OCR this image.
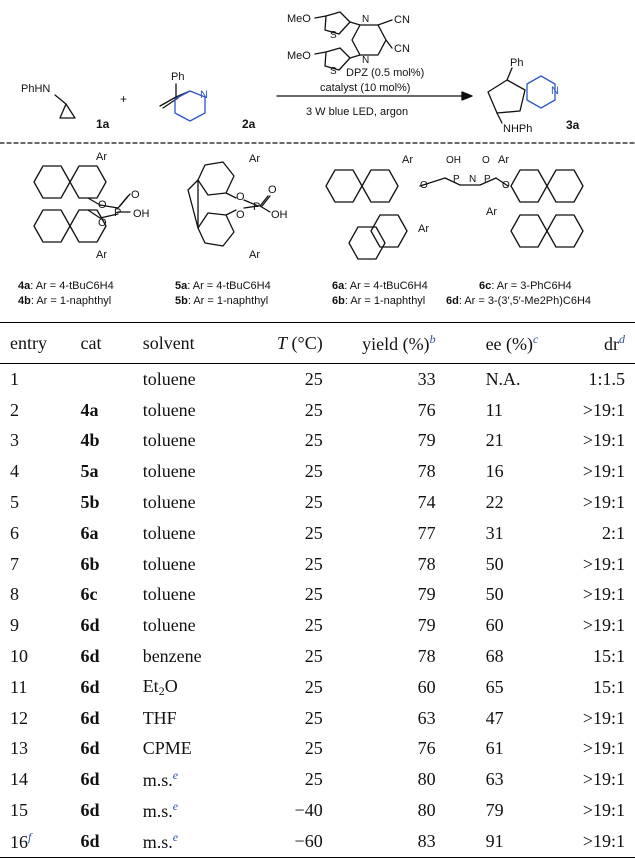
PhHN
1a
+
Ph
N
2a
MeO
MeO
S
S
N
N
CN
CN
DPZ (0.5 mol%)
catalyst (10 mol%)
3 W blue LED, argon
Ph
N
NHPh	3a
Ar
Ar
O
O
P
O
OH
Ar
Ar
O
O
P
O
OH
Ar
Ar
Ar
Ar
OH O
P N P
O	O
4a: Ar = 4-tBuC6H4
4b: Ar = 1-naphthyl
5a: Ar = 4-tBuC6H4
5b: Ar = 1-naphthyl
6a: Ar = 4-tBuC6H4
6b: Ar = 1-naphthyl
6c: Ar = 3-PhC6H4
6d: Ar = 3-(3′,5′-Me2Ph)C6H4
entry	cat	solvent	T (°C)	yield (%)$^b$	ee (%)$^c$	dr$^d$
1		toluene	25	33	N.A.	1:1.5
2	4a	toluene	25	76	11	>19:1
3	4b	toluene	25	79	21	>19:1
4	5a	toluene	25	78	16	>19:1
5	5b	toluene	25	74	22	>19:1
6	6a	toluene	25	77	31	2:1
7	6b	toluene	25	78	50	>19:1
8	6c	toluene	25	79	50	>19:1
9	6d	toluene	25	79	60	>19:1
10	6d	benzene	25	78	68	15:1
11	6d	$Et_2O$	25	60	65	15:1
12	6d	THF	25	63	47	>19:1
13	6d	CPME	25	76	61	>19:1
14	6d	m.s.$^e$	25	80	63	>19:1
15	6d	m.s.$^e$	−40	80	79	>19:1
16$^f$	6d	m.s.$^e$	−60	83	91	>19:1
